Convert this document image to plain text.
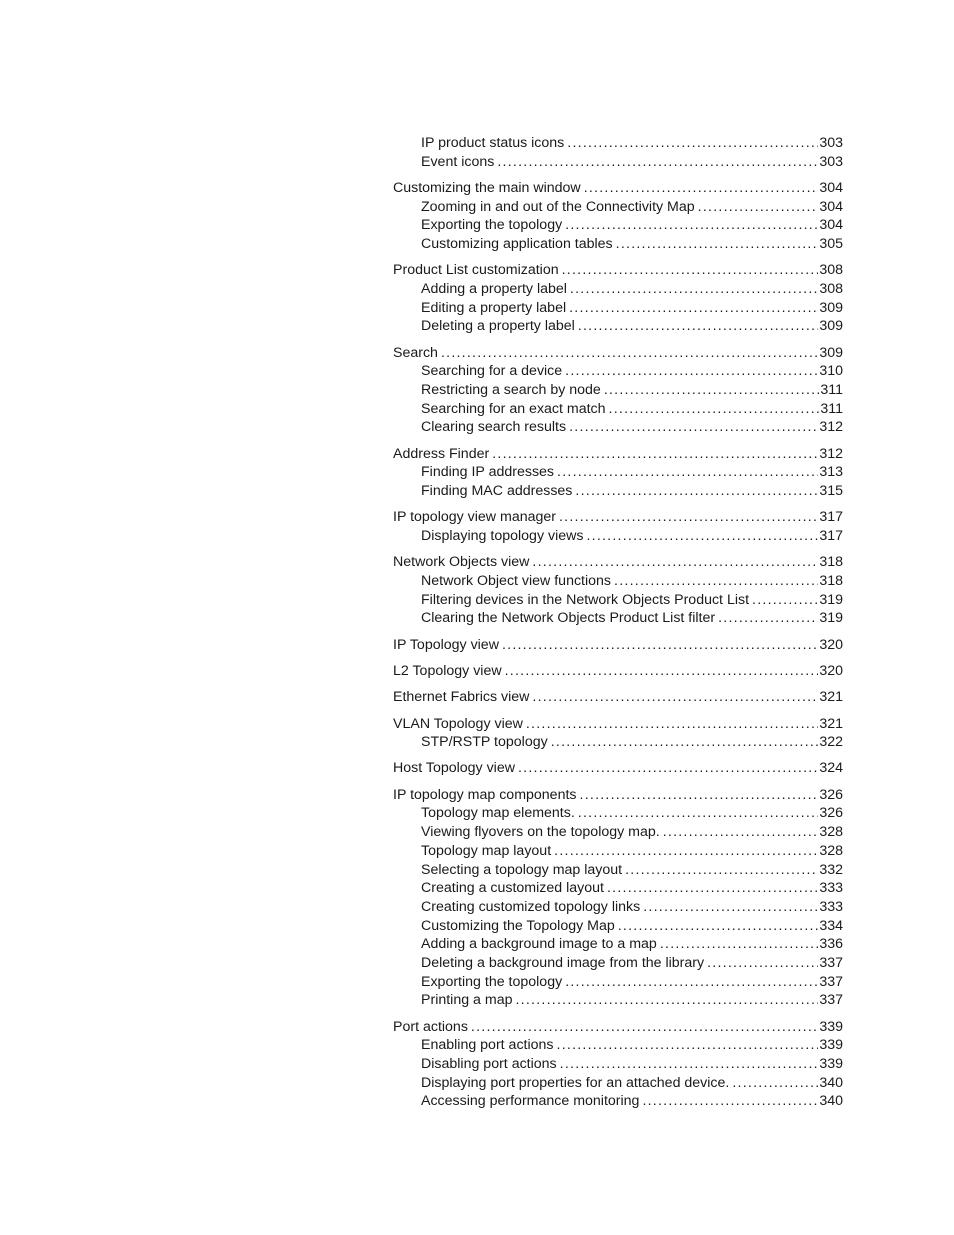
IP product status icons . . .	303
Event icons . . .	303
Customizing the main window . . .	304
Zooming in and out of the Connectivity Map . . .	304
Exporting the topology . . .	304
Customizing application tables . . .	305
Product List customization . . .	308
Adding a property label . . .	308
Editing a property label . . .	309
Deleting a property label . . .	309
Search . . .	309
Searching for a device . . .	310
Restricting a search by node . . .	311
Searching for an exact match . . .	311
Clearing search results . . .	312
Address Finder . . .	312
Finding IP addresses . . .	313
Finding MAC addresses . . .	315
IP topology view manager . . .	317
Displaying topology views . . .	317
Network Objects view . . .	318
Network Object view functions . . .	318
Filtering devices in the Network Objects Product List . . .	319
Clearing the Network Objects Product List filter . . .	319
IP Topology view . . .	320
L2 Topology view . . .	320
Ethernet Fabrics view . . .	321
VLAN Topology view . . .	321
STP/RSTP topology . . .	322
Host Topology view . . .	324
IP topology map components . . .	326
Topology map elements. . . .	326
Viewing flyovers on the topology map. . . .	328
Topology map layout . . .	328
Selecting a topology map layout . . .	332
Creating a customized layout . . .	333
Creating customized topology links . . .	333
Customizing the Topology Map . . .	334
Adding a background image to a map . . .	336
Deleting a background image from the library . . .	337
Exporting the topology . . .	337
Printing a map . . .	337
Port actions . . .	339
Enabling port actions . . .	339
Disabling port actions . . .	339
Displaying port properties for an attached device. . . .	340
Accessing performance monitoring . . .	340
